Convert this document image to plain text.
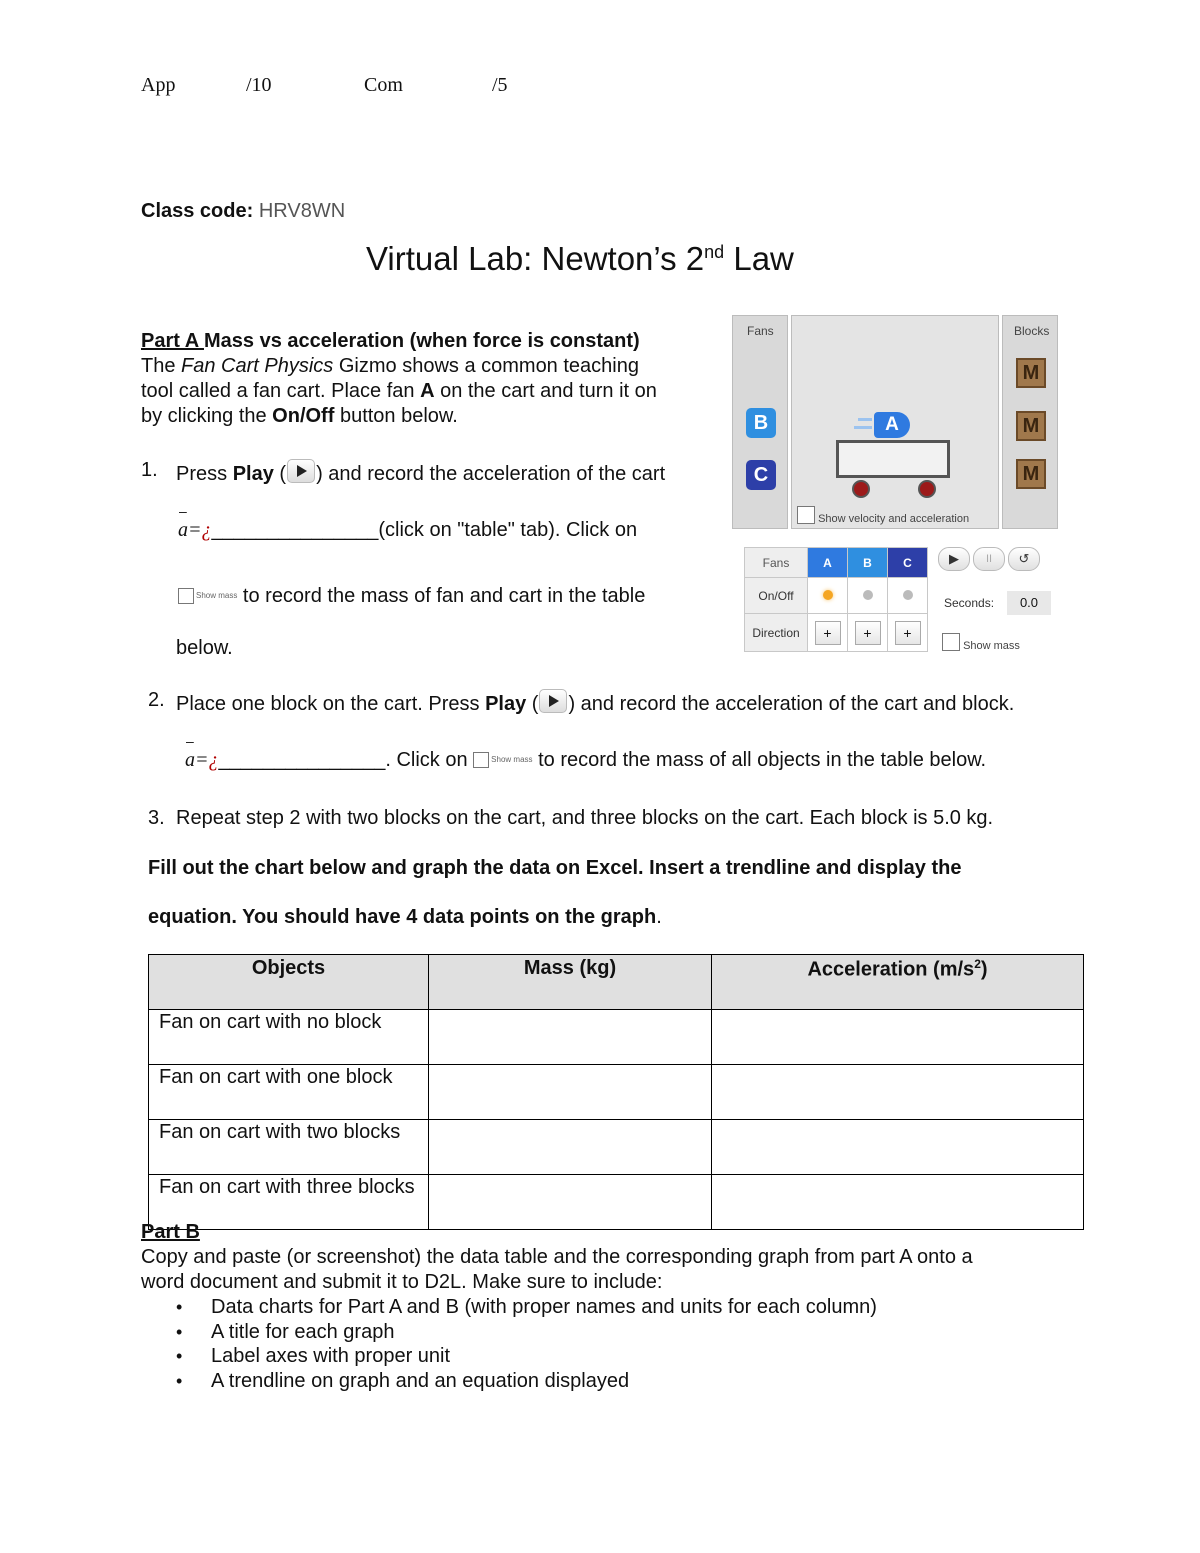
App	/10	Com	/5
Class code: HRV8WN
Virtual Lab: Newton’s 2nd Law
Part A Mass vs acceleration (when force is constant)
The Fan Cart Physics Gizmo shows a common teaching
tool called a fan cart. Place fan A on the cart and turn it on
by clicking the On/Off button below.
1. Press Play ( ) and record the acceleration of the cart
–
a=¿_______________(click on "table" tab). Click on
$^{Show mass}$ to record the mass of fan and cart in the table
below.
Fans
B
C
A
Show velocity and acceleration
Blocks
M
M
M
Fans	A	B	C
On/Off			
Direction	+	+	+
▶	II	↺
Seconds:	0.0
Show mass
2. Place one block on the cart. Press Play ( ) and record the acceleration of the cart and block.
–
a=¿_______________. Click on $^{Show mass}$ to record the mass of all objects in the table below.
3. Repeat step 2 with two blocks on the cart, and three blocks on the cart. Each block is 5.0 kg.
Fill out the chart below and graph the data on Excel. Insert a trendline and display the
equation. You should have 4 data points on the graph.
Objects	Mass (kg)	Acceleration $(m/s^2)$
Fan on cart with no block		
Fan on cart with one block		
Fan on cart with two blocks		
Fan on cart with three blocks		
Part B
Copy and paste (or screenshot) the data table and the corresponding graph from part A onto a
word document and submit it to D2L. Make sure to include:
• Data charts for Part A and B (with proper names and units for each column)
• A title for each graph
• Label axes with proper unit
• A trendline on graph and an equation displayed
